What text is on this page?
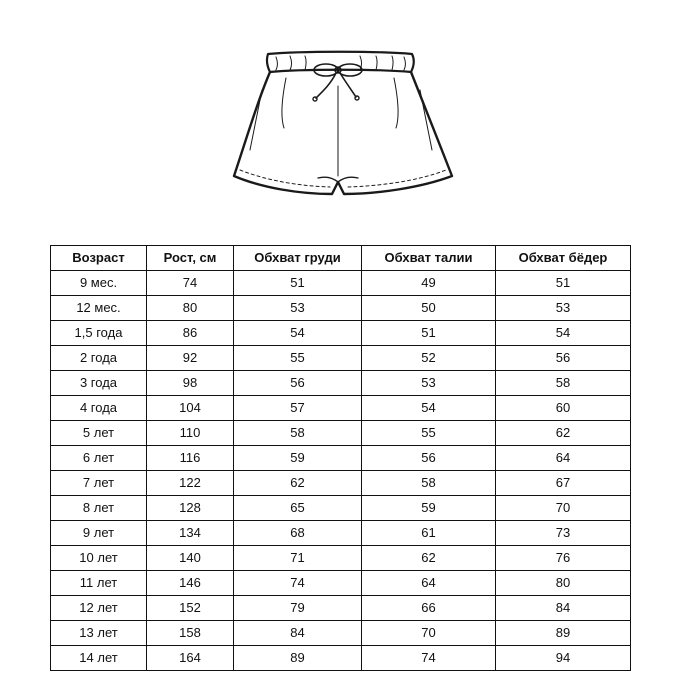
Возраст	Рост, см	Обхват груди	Обхват талии	Обхват бёдер
9 мес.	74	51	49	51
12 мес.	80	53	50	53
1,5 года	86	54	51	54
2 года	92	55	52	56
3 года	98	56	53	58
4 года	104	57	54	60
5 лет	110	58	55	62
6 лет	116	59	56	64
7 лет	122	62	58	67
8 лет	128	65	59	70
9 лет	134	68	61	73
10 лет	140	71	62	76
11 лет	146	74	64	80
12 лет	152	79	66	84
13 лет	158	84	70	89
14 лет	164	89	74	94
